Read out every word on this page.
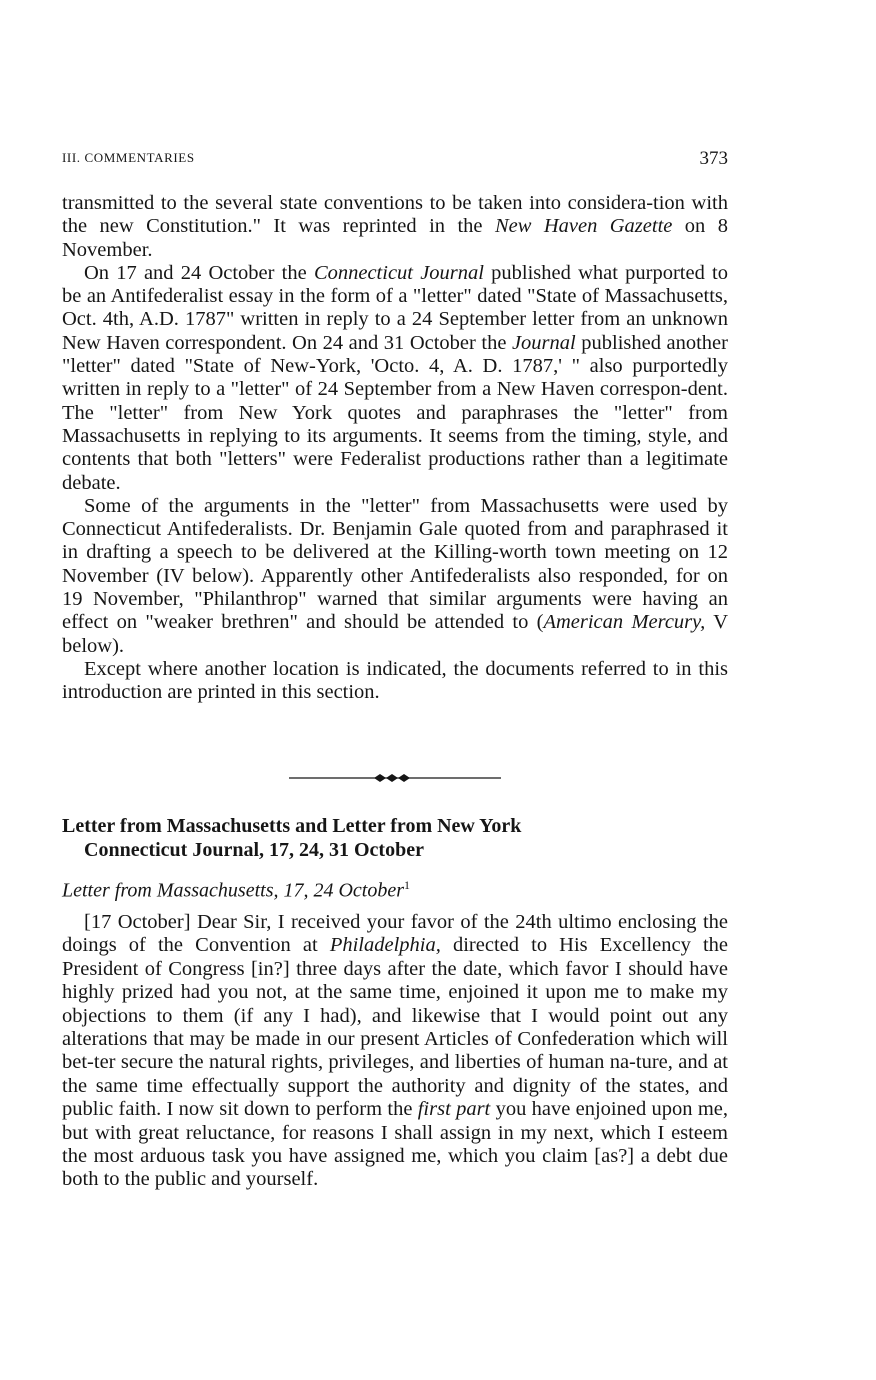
III. COMMENTARIES	373

transmitted to the several state conventions to be taken into considera-tion with the new Constitution." It was reprinted in the New Haven Gazette on 8 November.

On 17 and 24 October the Connecticut Journal published what purported to be an Antifederalist essay in the form of a "letter" dated "State of Massachusetts, Oct. 4th, A.D. 1787" written in reply to a 24 September letter from an unknown New Haven correspondent. On 24 and 31 October the Journal published another "letter" dated "State of New-York, 'Octo. 4, A. D. 1787,' " also purportedly written in reply to a "letter" of 24 September from a New Haven correspon-dent. The "letter" from New York quotes and paraphrases the "letter" from Massachusetts in replying to its arguments. It seems from the timing, style, and contents that both "letters" were Federalist productions rather than a legitimate debate.

Some of the arguments in the "letter" from Massachusetts were used by Connecticut Antifederalists. Dr. Benjamin Gale quoted from and paraphrased it in drafting a speech to be delivered at the Killing-worth town meeting on 12 November (IV below). Apparently other Antifederalists also responded, for on 19 November, "Philanthrop" warned that similar arguments were having an effect on "weaker brethren" and should be attended to (American Mercury, V below).

Except where another location is indicated, the documents referred to in this introduction are printed in this section.

Letter from Massachusetts and Letter from New York
Connecticut Journal, 17, 24, 31 October
Letter from Massachusetts, 17, 24 October$^1$

[17 October] Dear Sir, I received your favor of the 24th ultimo enclosing the doings of the Convention at Philadelphia, directed to His Excellency the President of Congress [in?] three days after the date, which favor I should have highly prized had you not, at the same time, enjoined it upon me to make my objections to them (if any I had), and likewise that I would point out any alterations that may be made in our present Articles of Confederation which will bet-ter secure the natural rights, privileges, and liberties of human na-ture, and at the same time effectually support the authority and dignity of the states, and public faith. I now sit down to perform the first part you have enjoined upon me, but with great reluctance, for reasons I shall assign in my next, which I esteem the most arduous task you have assigned me, which you claim [as?] a debt due both to the public and yourself.
